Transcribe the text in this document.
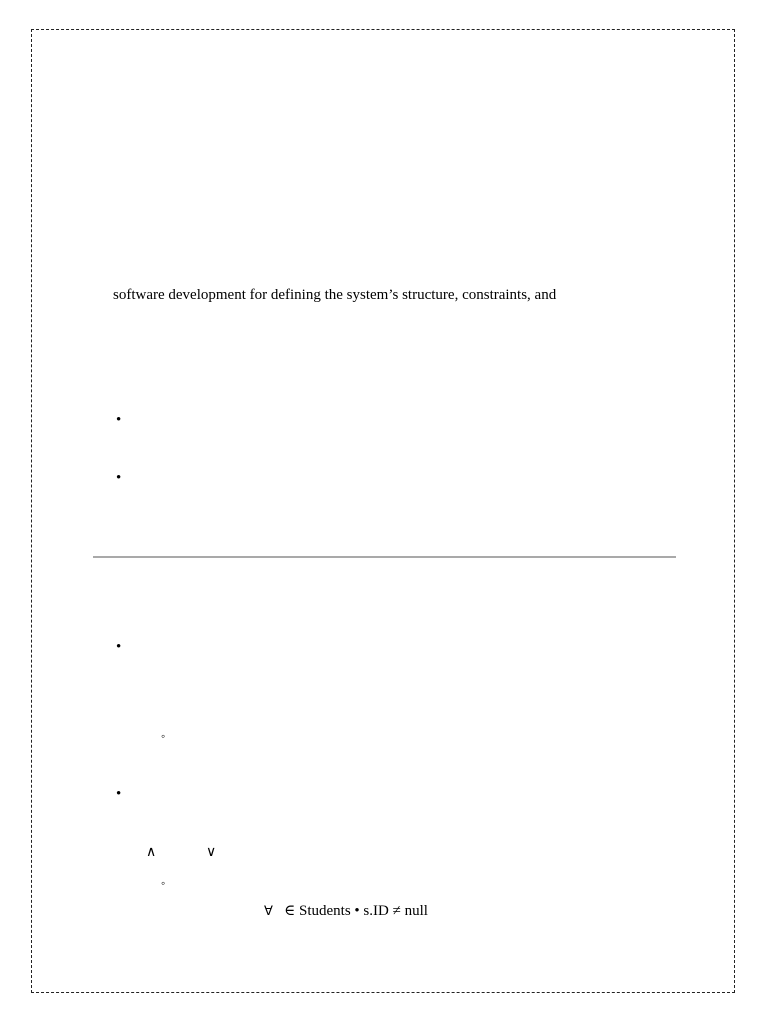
software development for defining the system’s structure, constraints, and
•
•
•
◦
•
∧	∨
◦
∀ ∈ Students • s.ID ≠ null
